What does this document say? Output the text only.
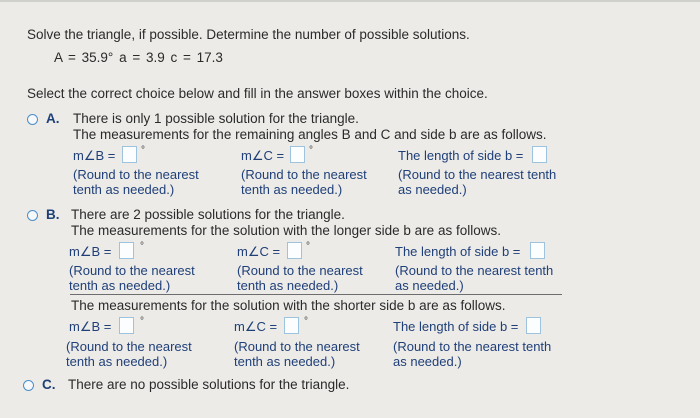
Solve the triangle, if possible. Determine the number of possible solutions.
A = 35.9° a = 3.9 c = 17.3
Select the correct choice below and fill in the answer boxes within the choice.
A. There is only 1 possible solution for the triangle.
The measurements for the remaining angles B and C and side b are as follows.
m∠B =	°	m∠C = °	The length of side b =
(Round to the nearest
tenth as needed.)
(Round to the nearest
tenth as needed.)
(Round to the nearest tenth
as needed.)
B. There are 2 possible solutions for the triangle.
The measurements for the solution with the longer side b are as follows.
m∠B =	°	m∠C =	°	The length of side b =
(Round to the nearest
tenth as needed.)
(Round to the nearest
tenth as needed.)
(Round to the nearest tenth
as needed.)
The measurements for the solution with the shorter side b are as follows.
m∠B =	°	m∠C =	°	The length of side b =
(Round to the nearest
tenth as needed.)
(Round to the nearest
tenth as needed.)
(Round to the nearest tenth
as needed.)
C. There are no possible solutions for the triangle.
